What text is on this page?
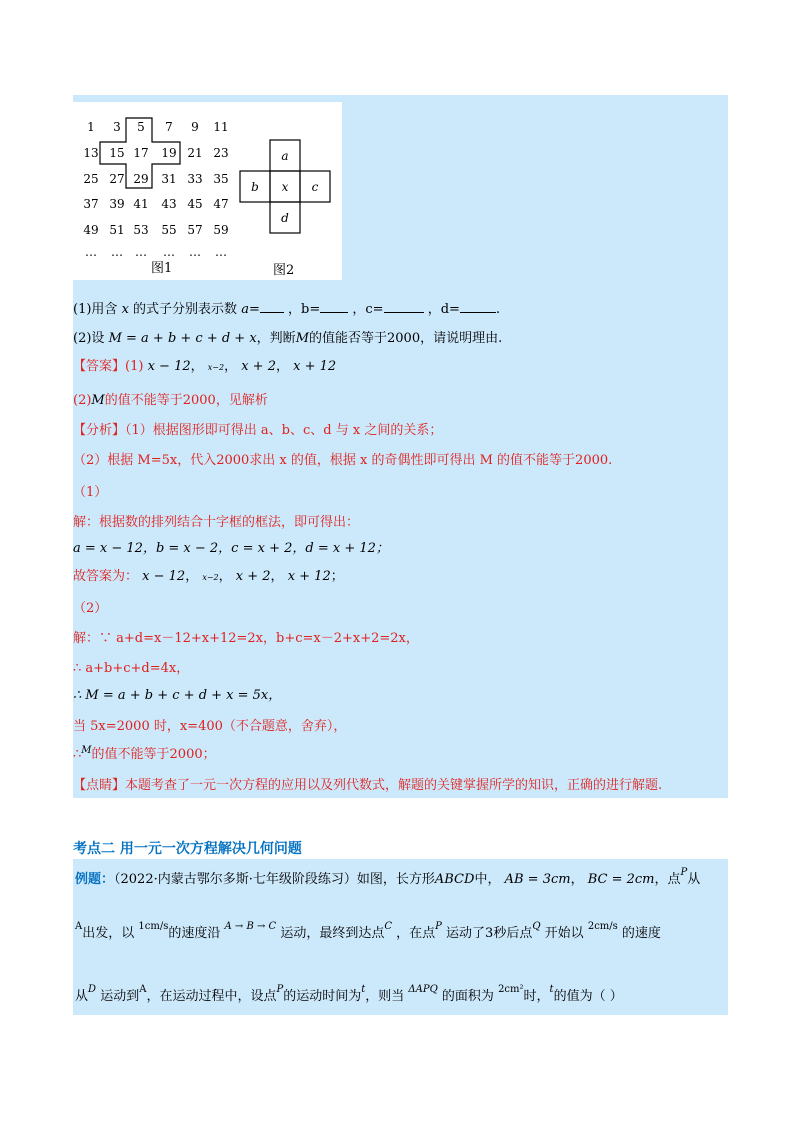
1 3 5 7 9 11
13 15 17 19 21 23
25 27 29 31 33 35
37 39 41 43 45 47
49 51 53 55 57 59
… … … … … …
图1
a
b x c
d
图2
(1)用含 x 的式子分别表示数 a= ，b= ，c=	，d=	.
(2)设 M = a + b + c + d + x，判断M的值能否等于2000，请说明理由.
【答案】(1) x − 12， x−2， x + 2， x + 12
(2)M的值不能等于2000，见解析
【分析】（1）根据图形即可得出 a、b、c、d 与 x 之间的关系；
（2）根据 M=5x，代入2000求出 x 的值，根据 x 的奇偶性即可得出 M 的值不能等于2000.
（1）
解：根据数的排列结合十字框的框法，即可得出：
a = x − 12，b = x − 2，c = x + 2，d = x + 12；
故答案为： x − 12， x−2， x + 2， x + 12；
（2）
解：∵ a+d=x－12+x+12=2x，b+c=x－2+x+2=2x，
∴ a+b+c+d=4x，
∴ M = a + b + c + d + x = 5x，
当 5x=2000 时，x=400（不合题意，舍弃），
∴$^M$的值不能等于2000；
【点睛】本题考查了一元一次方程的应用以及列代数式，解题的关键掌握所学的知识，正确的进行解题.
考点二 用一元一次方程解决几何问题
例题：（2022·内蒙古鄂尔多斯·七年级阶段练习）如图，长方形ABCD中， AB = 3cm， BC = 2cm，点$^P$从
$^A$出发，以 $^{1cm/s}$的速度沿 $^{A \to B \to C}$ 运动，最终到达点$^C$ ，在点$^P$ 运动了3秒后点$^Q$ 开始以 $^{2cm/s}$ 的速度
从$^D$ 运动到$^A$，在运动过程中，设点$^P$的运动时间为$^t$，则当 $^{\Delta APQ}$ 的面积为 $^{2cm^2}$时，$^t$的值为（ ）
